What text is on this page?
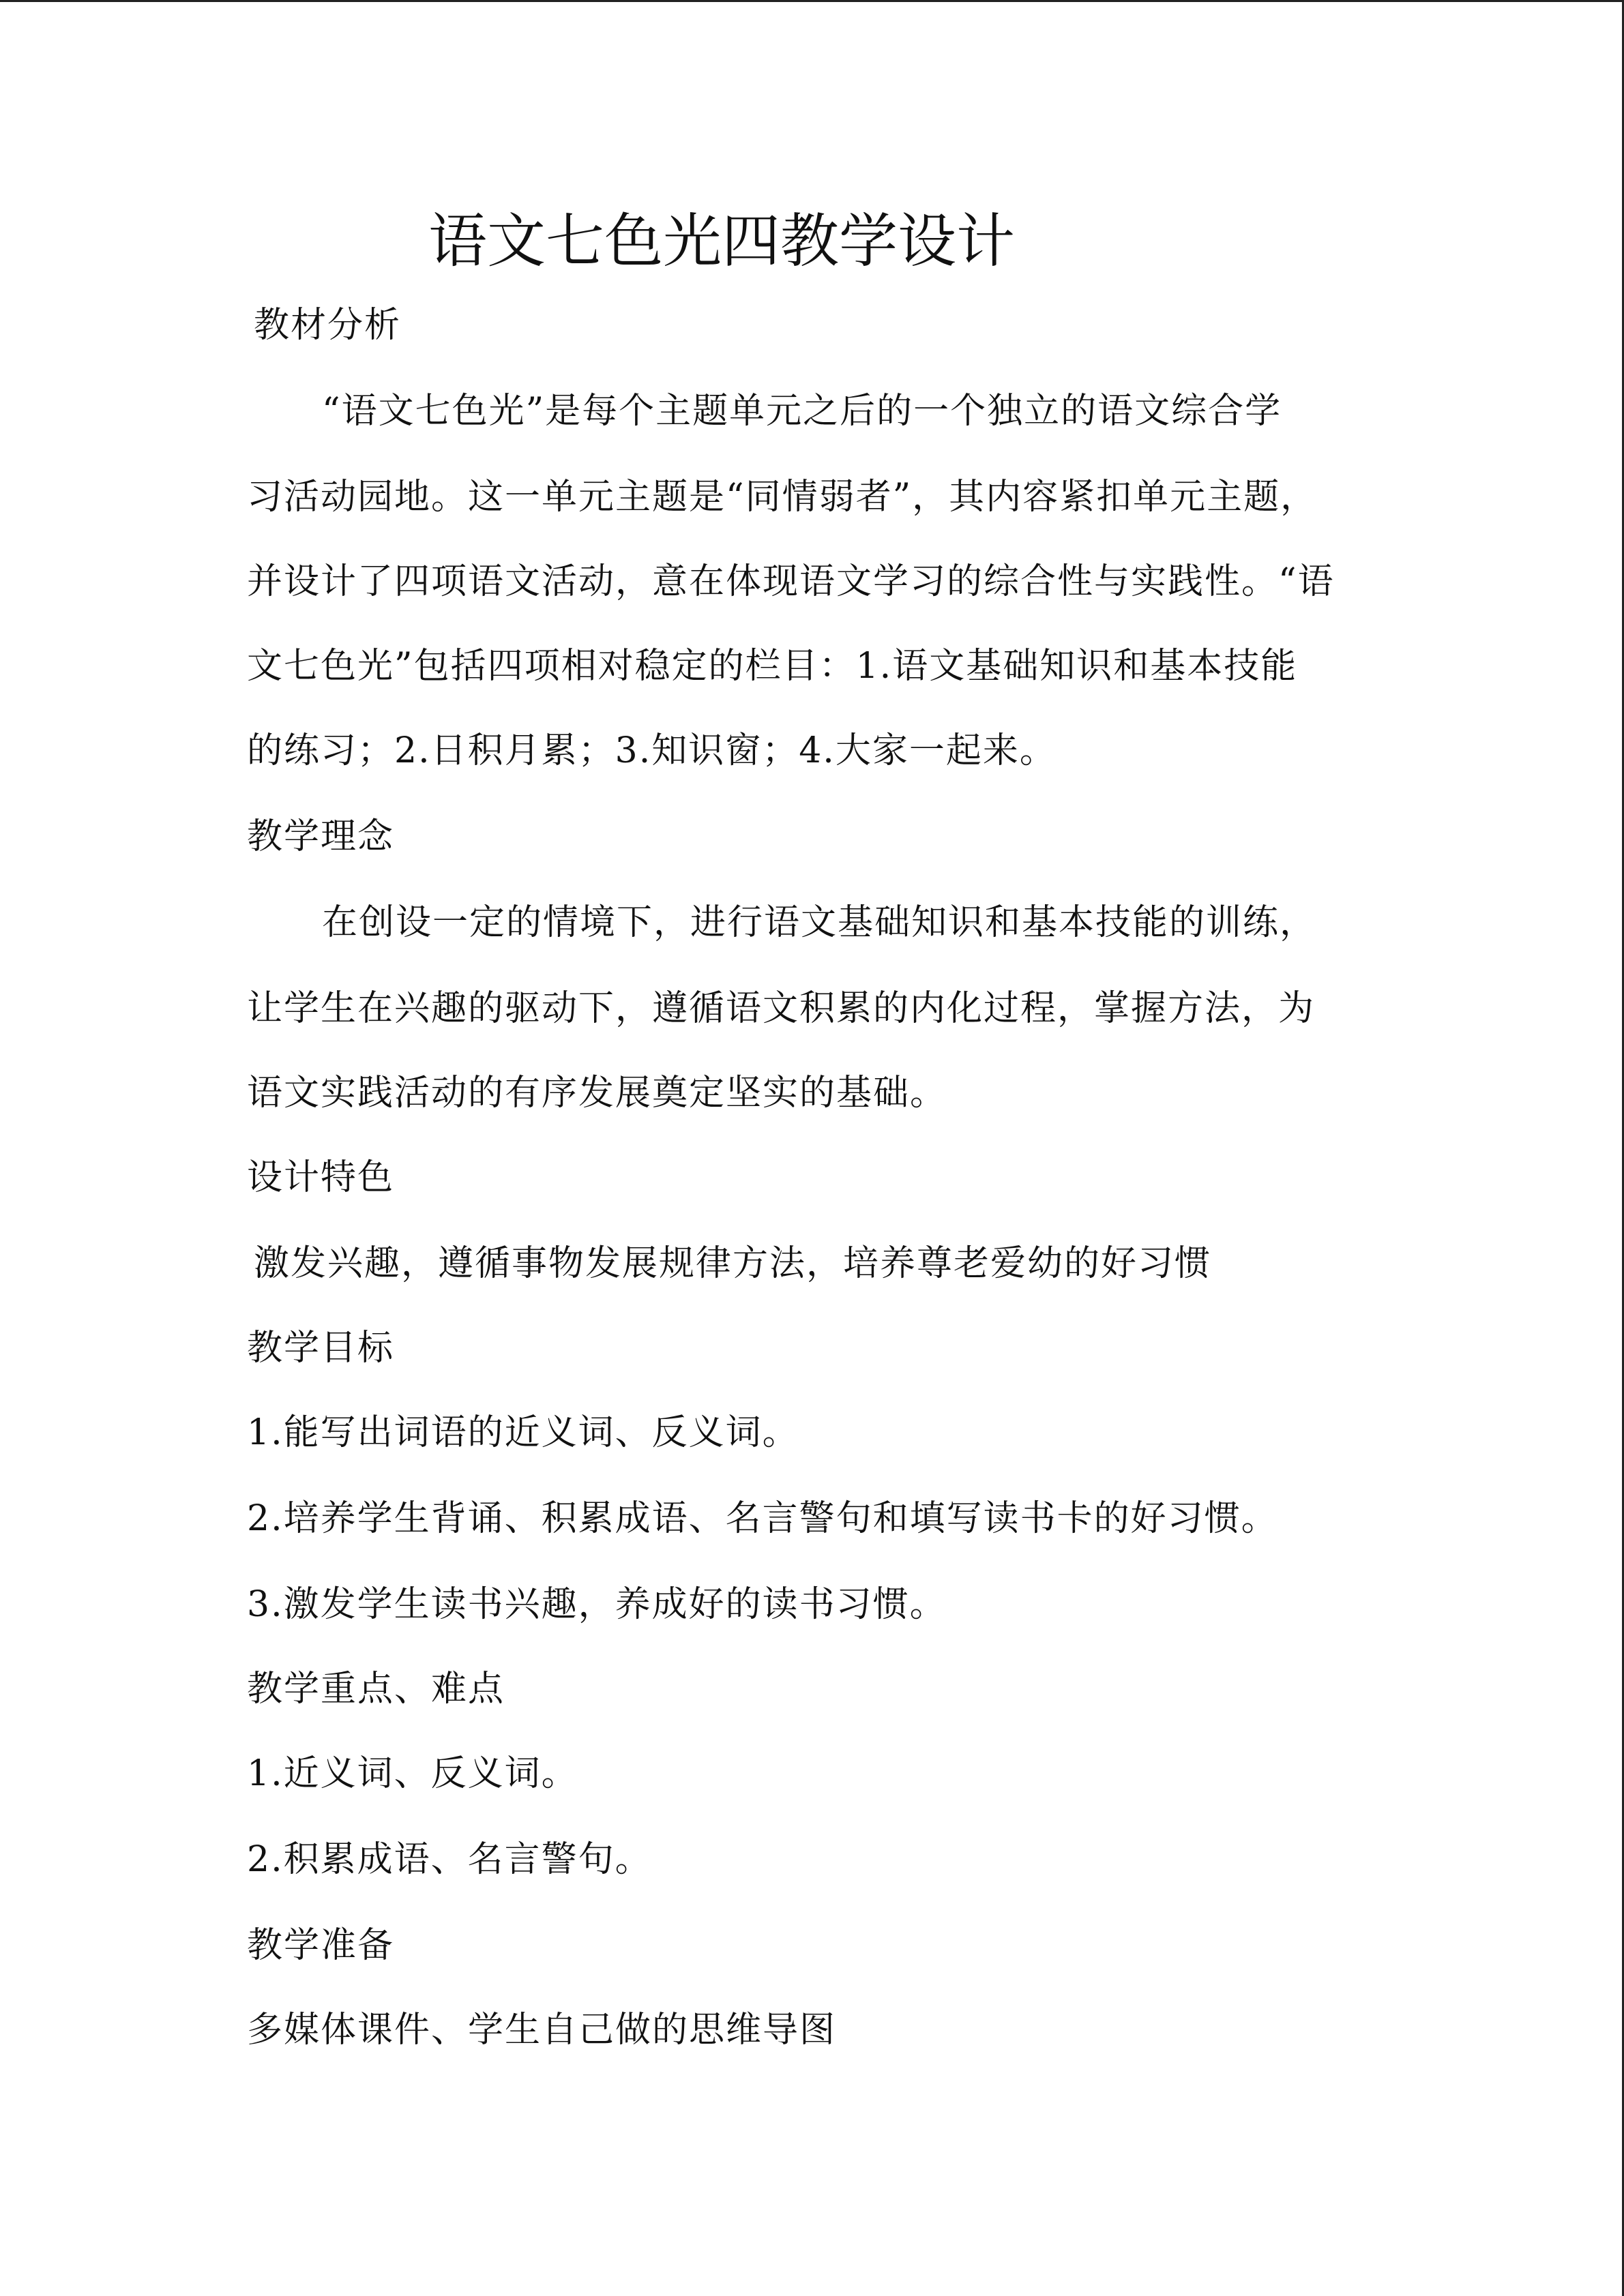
语文七色光四教学设计

教材分析

“语文七色光”是每个主题单元之后的一个独立的语文综合学

习活动园地。这一单元主题是“同情弱者”，其内容紧扣单元主题，

并设计了四项语文活动，意在体现语文学习的综合性与实践性。“语

文七色光”包括四项相对稳定的栏目：1.语文基础知识和基本技能

的练习；2.日积月累；3.知识窗；4.大家一起来。

教学理念

在创设一定的情境下，进行语文基础知识和基本技能的训练，

让学生在兴趣的驱动下，遵循语文积累的内化过程，掌握方法，为

语文实践活动的有序发展奠定坚实的基础。

设计特色

激发兴趣，遵循事物发展规律方法，培养尊老爱幼的好习惯

教学目标

1.能写出词语的近义词、反义词。

2.培养学生背诵、积累成语、名言警句和填写读书卡的好习惯。

3.激发学生读书兴趣，养成好的读书习惯。

教学重点、难点

1.近义词、反义词。

2.积累成语、名言警句。

教学准备

多媒体课件、学生自己做的思维导图
